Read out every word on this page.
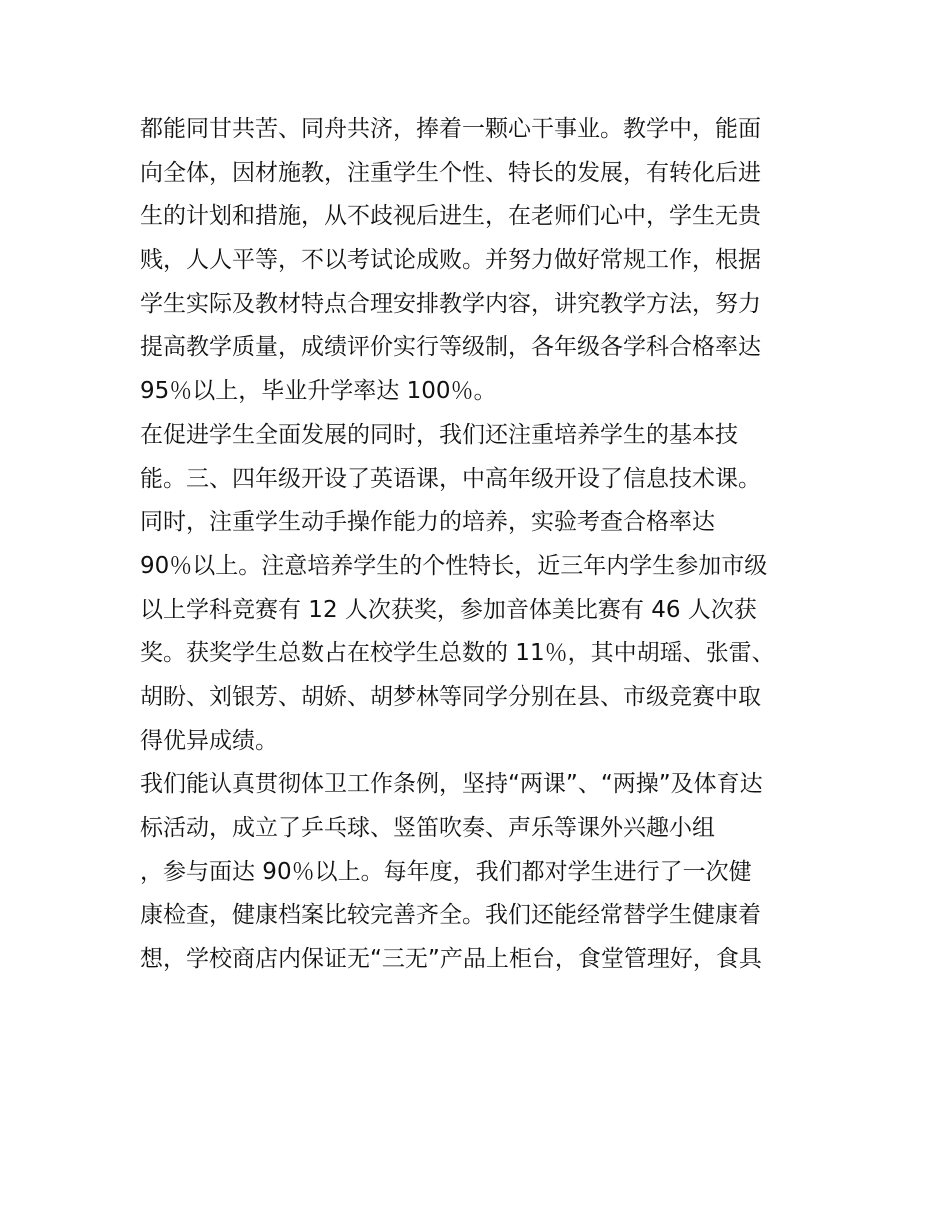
都能同甘共苦、同舟共济，捧着一颗心干事业。教学中，能面
向全体，因材施教，注重学生个性、特长的发展，有转化后进
生的计划和措施，从不歧视后进生，在老师们心中，学生无贵
贱，人人平等，不以考试论成败。并努力做好常规工作，根据
学生实际及教材特点合理安排教学内容，讲究教学方法，努力
提高教学质量，成绩评价实行等级制，各年级各学科合格率达
95％以上，毕业升学率达 100％。
在促进学生全面发展的同时，我们还注重培养学生的基本技
能。三、四年级开设了英语课，中高年级开设了信息技术课。
同时，注重学生动手操作能力的培养，实验考查合格率达
90％以上。注意培养学生的个性特长，近三年内学生参加市级
以上学科竞赛有 12 人次获奖，参加音体美比赛有 46 人次获
奖。获奖学生总数占在校学生总数的 11％，其中胡瑶、张雷、
胡盼、刘银芳、胡娇、胡梦林等同学分别在县、市级竞赛中取
得优异成绩。
我们能认真贯彻体卫工作条例，坚持“两课”、“两操”及体育达
标活动，成立了乒乓球、竖笛吹奏、声乐等课外兴趣小组
，参与面达 90％以上。每年度，我们都对学生进行了一次健
康检查，健康档案比较完善齐全。我们还能经常替学生健康着
想，学校商店内保证无“三无”产品上柜台，食堂管理好，食具
